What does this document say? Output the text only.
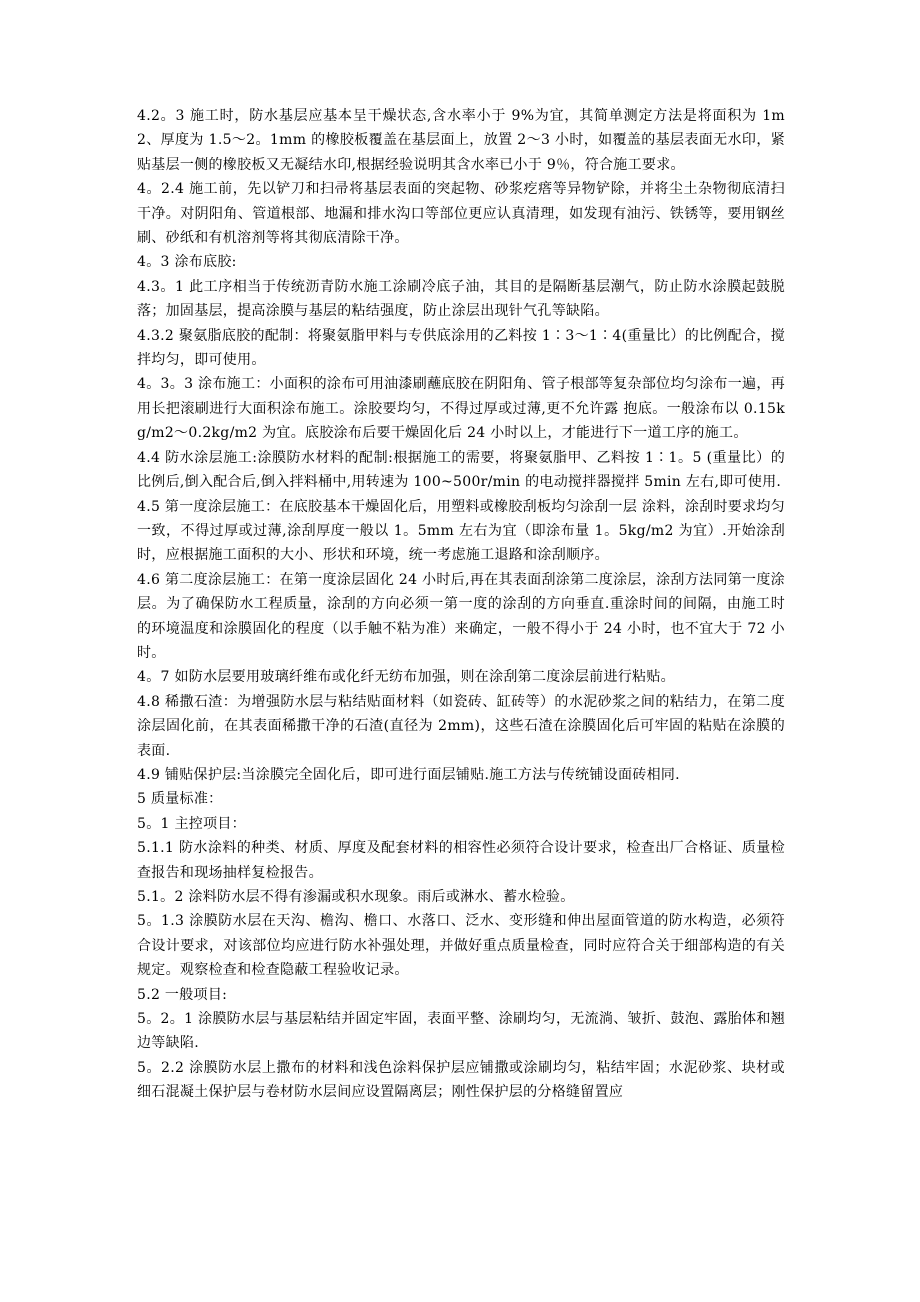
4.2。3 施工时，防水基层应基本呈干燥状态,含水率小于 9%为宜，其简单测定方法是将面积为 1m2、厚度为 1.5～2。1mm 的橡胶板覆盖在基层面上，放置 2～3 小时，如覆盖的基层表面无水印，紧贴基层一侧的橡胶板又无凝结水印,根据经验说明其含水率已小于 9％，符合施工要求。

4。2.4 施工前，先以铲刀和扫帚将基层表面的突起物、砂浆疙瘩等异物铲除，并将尘土杂物彻底清扫干净。对阴阳角、管道根部、地漏和排水沟口等部位更应认真清理，如发现有油污、铁锈等，要用钢丝刷、砂纸和有机溶剂等将其彻底清除干净。

4。3 涂布底胶:

4.3。1 此工序相当于传统沥青防水施工涂刷冷底子油，其目的是隔断基层潮气，防止防水涂膜起鼓脱落；加固基层，提高涂膜与基层的粘结强度，防止涂层出现针气孔等缺陷。

4.3.2 聚氨脂底胶的配制：将聚氨脂甲料与专供底涂用的乙料按 1∶3～1∶4(重量比）的比例配合，搅拌均匀，即可使用。

4。3。3 涂布施工：小面积的涂布可用油漆刷蘸底胶在阴阳角、管子根部等复杂部位均匀涂布一遍，再用长把滚刷进行大面积涂布施工。涂胶要均匀，不得过厚或过薄,更不允许露 抱底。一般涂布以 0.15kg/m2～0.2kg/m2 为宜。底胶涂布后要干燥固化后 24 小时以上，才能进行下一道工序的施工。

4.4 防水涂层施工:涂膜防水材料的配制:根据施工的需要，将聚氨脂甲、乙料按 1∶1。5 (重量比）的比例后,倒入配合后,倒入拌料桶中,用转速为 100~500r/min 的电动搅拌器搅拌 5min 左右,即可使用.

4.5 第一度涂层施工：在底胶基本干燥固化后，用塑料或橡胶刮板均匀涂刮一层 涂料，涂刮时要求均匀一致，不得过厚或过薄,涂刮厚度一般以 1。5mm 左右为宜（即涂布量 1。5kg/m2 为宜）.开始涂刮时，应根据施工面积的大小、形状和环境，统一考虑施工退路和涂刮顺序。

4.6 第二度涂层施工：在第一度涂层固化 24 小时后,再在其表面刮涂第二度涂层，涂刮方法同第一度涂层。为了确保防水工程质量，涂刮的方向必须一第一度的涂刮的方向垂直.重涂时间的间隔，由施工时的环境温度和涂膜固化的程度（以手触不粘为准）来确定，一般不得小于 24 小时，也不宜大于 72 小时。

4。7 如防水层要用玻璃纤维布或化纤无纺布加强，则在涂刮第二度涂层前进行粘贴。

4.8 稀撒石渣：为增强防水层与粘结贴面材料（如瓷砖、缸砖等）的水泥砂浆之间的粘结力，在第二度涂层固化前，在其表面稀撒干净的石渣(直径为 2mm)，这些石渣在涂膜固化后可牢固的粘贴在涂膜的表面.

4.9 铺贴保护层:当涂膜完全固化后，即可进行面层铺贴.施工方法与传统铺设面砖相同.

5 质量标准：

5。1 主控项目：

5.1.1 防水涂料的种类、材质、厚度及配套材料的相容性必须符合设计要求，检查出厂合格证、质量检查报告和现场抽样复检报告。

5.1。2 涂料防水层不得有渗漏或积水现象。雨后或淋水、蓄水检验。

5。1.3 涂膜防水层在天沟、檐沟、檐口、水落口、泛水、变形缝和伸出屋面管道的防水构造，必须符合设计要求，对该部位均应进行防水补强处理，并做好重点质量检查，同时应符合关于细部构造的有关规定。观察检查和检查隐蔽工程验收记录。

5.2 一般项目:

5。2。1 涂膜防水层与基层粘结并固定牢固，表面平整、涂刷均匀，无流淌、皱折、鼓泡、露胎体和翘边等缺陷.

5。2.2 涂膜防水层上撒布的材料和浅色涂料保护层应铺撒或涂刷均匀，粘结牢固；水泥砂浆、块材或细石混凝土保护层与卷材防水层间应设置隔离层；刚性保护层的分格缝留置应
